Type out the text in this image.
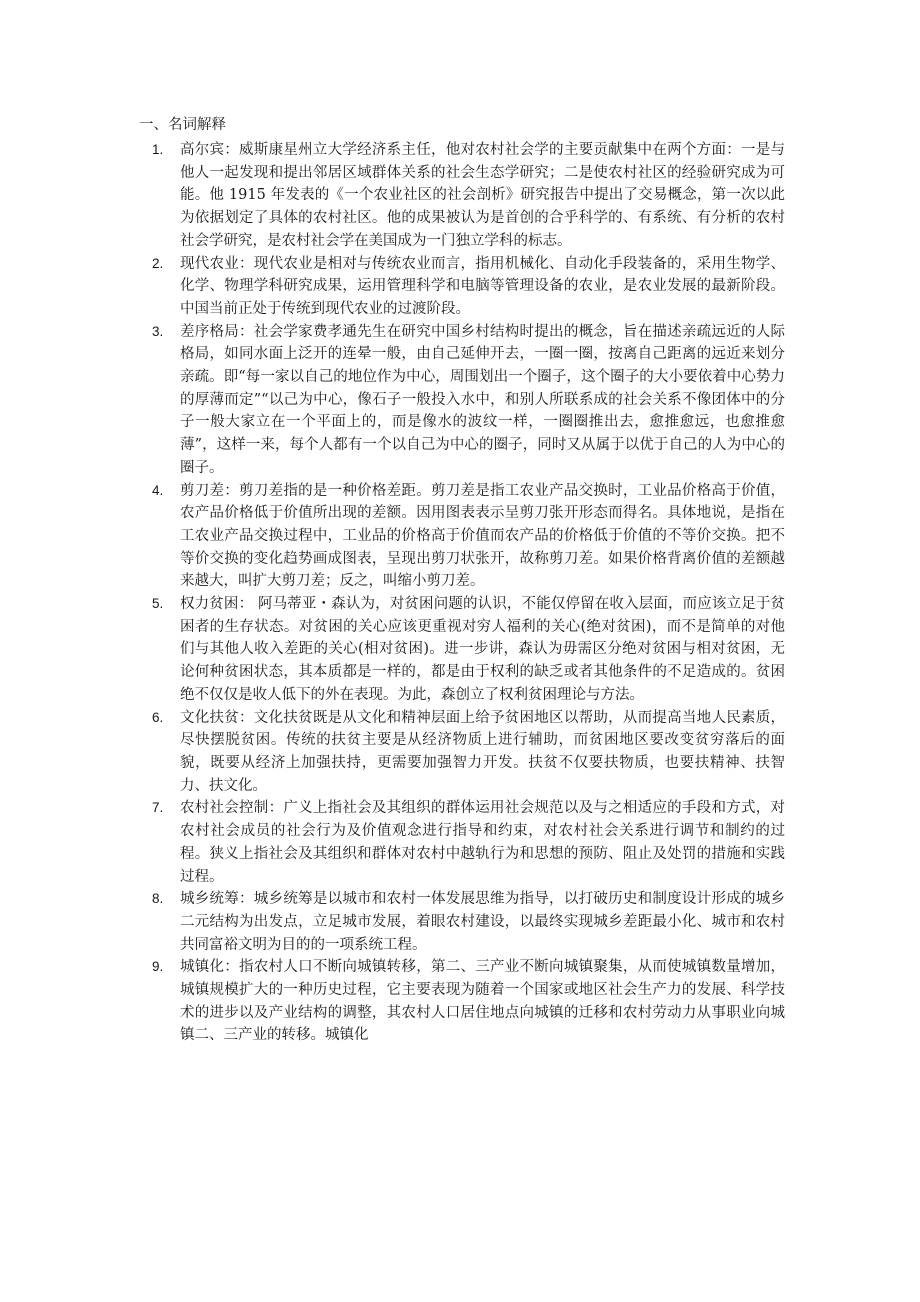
一、名词解释
1. 高尔宾：威斯康星州立大学经济系主任，他对农村社会学的主要贡献集中在两个方面：一是与他人一起发现和提出邻居区域群体关系的社会生态学研究；二是使农村社区的经验研究成为可能。他 1915 年发表的《一个农业社区的社会剖析》研究报告中提出了交易概念，第一次以此为依据划定了具体的农村社区。他的成果被认为是首创的合乎科学的、有系统、有分析的农村社会学研究，是农村社会学在美国成为一门独立学科的标志。
2. 现代农业：现代农业是相对与传统农业而言，指用机械化、自动化手段装备的，采用生物学、化学、物理学科研究成果，运用管理科学和电脑等管理设备的农业，是农业发展的最新阶段。中国当前正处于传统到现代农业的过渡阶段。
3. 差序格局：社会学家费孝通先生在研究中国乡村结构时提出的概念，旨在描述亲疏远近的人际格局，如同水面上泛开的连晕一般，由自己延伸开去，一圈一圈，按离自己距离的远近来划分亲疏。即“每一家以自己的地位作为中心，周围划出一个圈子，这个圈子的大小要依着中心势力的厚薄而定”“以己为中心，像石子一般投入水中，和别人所联系成的社会关系不像团体中的分子一般大家立在一个平面上的，而是像水的波纹一样，一圈圈推出去，愈推愈远，也愈推愈薄”，这样一来，每个人都有一个以自己为中心的圈子，同时又从属于以优于自己的人为中心的圈子。
4. 剪刀差：剪刀差指的是一种价格差距。剪刀差是指工农业产品交换时，工业品价格高于价值，农产品价格低于价值所出现的差额。因用图表表示呈剪刀张开形态而得名。具体地说，是指在工农业产品交换过程中，工业品的价格高于价值而农产品的价格低于价值的不等价交换。把不等价交换的变化趋势画成图表，呈现出剪刀状张开，故称剪刀差。如果价格背离价值的差额越来越大，叫扩大剪刀差；反之，叫缩小剪刀差。
5. 权力贫困： 阿马蒂亚・森认为，对贫困问题的认识，不能仅停留在收入层面，而应该立足于贫困者的生存状态。对贫困的关心应该更重视对穷人福利的关心(绝对贫困)，而不是简单的对他们与其他人收入差距的关心(相对贫困)。进一步讲，森认为毋需区分绝对贫困与相对贫困，无论何种贫困状态，其本质都是一样的，都是由于权利的缺乏或者其他条件的不足造成的。贫困绝不仅仅是收人低下的外在表现。为此，森创立了权利贫困理论与方法。
6. 文化扶贫：文化扶贫既是从文化和精神层面上给予贫困地区以帮助，从而提高当地人民素质，尽快摆脱贫困。传统的扶贫主要是从经济物质上进行辅助，而贫困地区要改变贫穷落后的面貌，既要从经济上加强扶持，更需要加强智力开发。扶贫不仅要扶物质，也要扶精神、扶智力、扶文化。
7. 农村社会控制：广义上指社会及其组织的群体运用社会规范以及与之相适应的手段和方式，对农村社会成员的社会行为及价值观念进行指导和约束，对农村社会关系进行调节和制约的过程。狭义上指社会及其组织和群体对农村中越轨行为和思想的预防、阻止及处罚的措施和实践过程。
8. 城乡统筹：城乡统筹是以城市和农村一体发展思维为指导，以打破历史和制度设计形成的城乡二元结构为出发点，立足城市发展，着眼农村建设，以最终实现城乡差距最小化、城市和农村共同富裕文明为目的的一项系统工程。
9. 城镇化：指农村人口不断向城镇转移，第二、三产业不断向城镇聚集，从而使城镇数量增加，城镇规模扩大的一种历史过程，它主要表现为随着一个国家或地区社会生产力的发展、科学技术的进步以及产业结构的调整，其农村人口居住地点向城镇的迁移和农村劳动力从事职业向城镇二、三产业的转移。城镇化
